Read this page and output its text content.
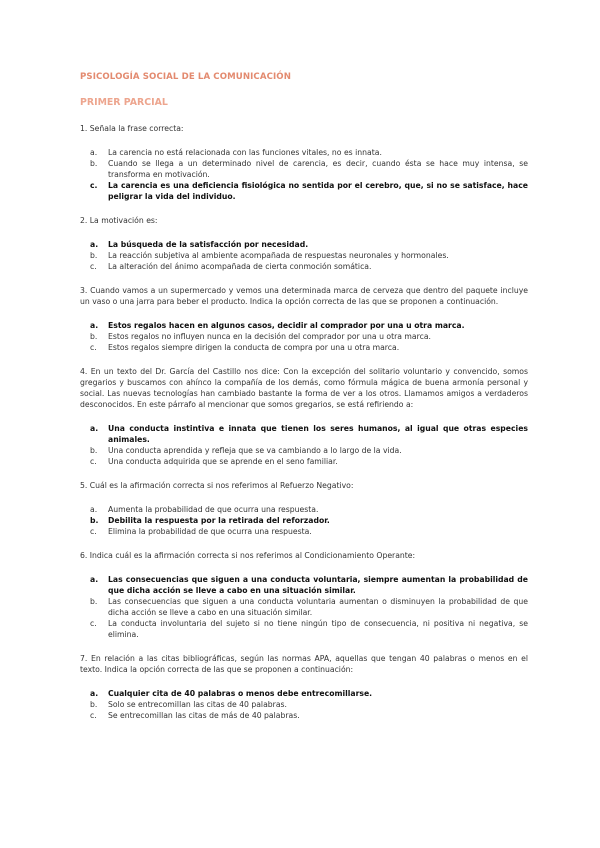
PSICOLOGÍA SOCIAL DE LA COMUNICACIÓN
PRIMER PARCIAL

1. Señala la frase correcta:

a. La carencia no está relacionada con las funciones vitales, no es innata.
b. Cuando se llega a un determinado nivel de carencia, es decir, cuando ésta se hace muy intensa, se transforma en motivación.
c. La carencia es una deficiencia fisiológica no sentida por el cerebro, que, si no se satisface, hace peligrar la vida del individuo.

2. La motivación es:

a. La búsqueda de la satisfacción por necesidad.
b. La reacción subjetiva al ambiente acompañada de respuestas neuronales y hormonales.
c. La alteración del ánimo acompañada de cierta conmoción somática.

3. Cuando vamos a un supermercado y vemos una determinada marca de cerveza que dentro del paquete incluye un vaso o una jarra para beber el producto. Indica la opción correcta de las que se proponen a continuación.

a. Estos regalos hacen en algunos casos, decidir al comprador por una u otra marca.
b. Estos regalos no influyen nunca en la decisión del comprador por una u otra marca.
c. Estos regalos siempre dirigen la conducta de compra por una u otra marca.

4. En un texto del Dr. García del Castillo nos dice: Con la excepción del solitario voluntario y convencido, somos gregarios y buscamos con ahínco la compañía de los demás, como fórmula mágica de buena armonía personal y social. Las nuevas tecnologías han cambiado bastante la forma de ver a los otros. Llamamos amigos a verdaderos desconocidos. En este párrafo al mencionar que somos gregarios, se está refiriendo a:

a. Una conducta instintiva e innata que tienen los seres humanos, al igual que otras especies animales.
b. Una conducta aprendida y refleja que se va cambiando a lo largo de la vida.
c. Una conducta adquirida que se aprende en el seno familiar.

5. Cuál es la afirmación correcta si nos referimos al Refuerzo Negativo:

a. Aumenta la probabilidad de que ocurra una respuesta.
b. Debilita la respuesta por la retirada del reforzador.
c. Elimina la probabilidad de que ocurra una respuesta.

6. Indica cuál es la afirmación correcta si nos referimos al Condicionamiento Operante:

a. Las consecuencias que siguen a una conducta voluntaria, siempre aumentan la probabilidad de que dicha acción se lleve a cabo en una situación similar.
b. Las consecuencias que siguen a una conducta voluntaria aumentan o disminuyen la probabilidad de que dicha acción se lleve a cabo en una situación similar.
c. La conducta involuntaria del sujeto si no tiene ningún tipo de consecuencia, ni positiva ni negativa, se elimina.

7. En relación a las citas bibliográficas, según las normas APA, aquellas que tengan 40 palabras o menos en el texto. Indica la opción correcta de las que se proponen a continuación:

a. Cualquier cita de 40 palabras o menos debe entrecomillarse.
b. Solo se entrecomillan las citas de 40 palabras.
c. Se entrecomillan las citas de más de 40 palabras.
